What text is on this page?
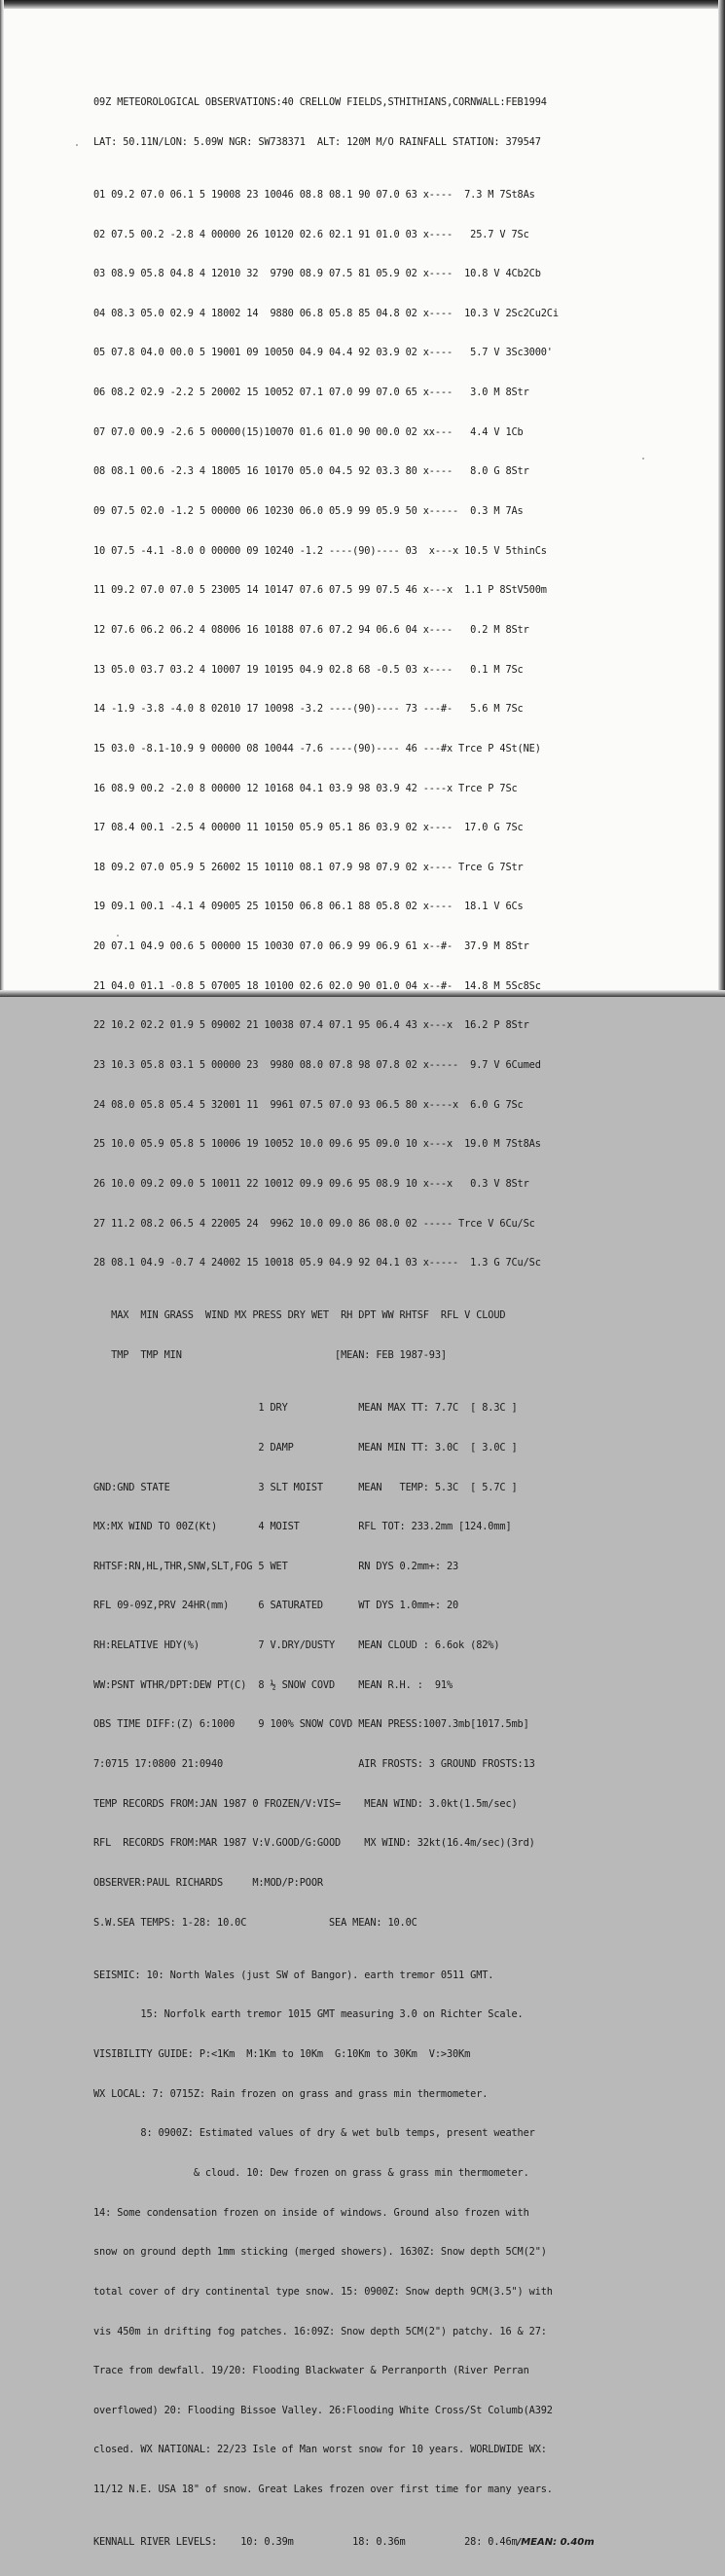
09Z METEOROLOGICAL OBSERVATIONS:40 CRELLOW FIELDS,STHITHIANS,CORNWALL:FEB1994

LAT: 50.11N/LON: 5.09W NGR: SW738371  ALT: 120M M/O RAINFALL STATION: 379547

01 09.2 07.0 06.1 5 19008 23 10046 08.8 08.1 90 07.0 63 x----  7.3 M 7St8As

02 07.5 00.2 -2.8 4 00000 26 10120 02.6 02.1 91 01.0 03 x----   25.7 V 7Sc

03 08.9 05.8 04.8 4 12010 32  9790 08.9 07.5 81 05.9 02 x----  10.8 V 4Cb2Cb

04 08.3 05.0 02.9 4 18002 14  9880 06.8 05.8 85 04.8 02 x----  10.3 V 2Sc2Cu2Ci

05 07.8 04.0 00.0 5 19001 09 10050 04.9 04.4 92 03.9 02 x----   5.7 V 3Sc3000'

06 08.2 02.9 -2.2 5 20002 15 10052 07.1 07.0 99 07.0 65 x----   3.0 M 8Str

07 07.0 00.9 -2.6 5 00000(15)10070 01.6 01.0 90 00.0 02 xx---   4.4 V 1Cb

08 08.1 00.6 -2.3 4 18005 16 10170 05.0 04.5 92 03.3 80 x----   8.0 G 8Str

09 07.5 02.0 -1.2 5 00000 06 10230 06.0 05.9 99 05.9 50 x-----  0.3 M 7As

10 07.5 -4.1 -8.0 0 00000 09 10240 -1.2 ----(90)---- 03  x---x 10.5 V 5thinCs

11 09.2 07.0 07.0 5 23005 14 10147 07.6 07.5 99 07.5 46 x---x  1.1 P 8StV500m

12 07.6 06.2 06.2 4 08006 16 10188 07.6 07.2 94 06.6 04 x----   0.2 M 8Str

13 05.0 03.7 03.2 4 10007 19 10195 04.9 02.8 68 -0.5 03 x----   0.1 M 7Sc

14 -1.9 -3.8 -4.0 8 02010 17 10098 -3.2 ----(90)---- 73 ---#-   5.6 M 7Sc

15 03.0 -8.1-10.9 9 00000 08 10044 -7.6 ----(90)---- 46 ---#x Trce P 4St(NE)

16 08.9 00.2 -2.0 8 00000 12 10168 04.1 03.9 98 03.9 42 ----x Trce P 7Sc

17 08.4 00.1 -2.5 4 00000 11 10150 05.9 05.1 86 03.9 02 x----  17.0 G 7Sc

18 09.2 07.0 05.9 5 26002 15 10110 08.1 07.9 98 07.9 02 x---- Trce G 7Str

19 09.1 00.1 -4.1 4 09005 25 10150 06.8 06.1 88 05.8 02 x----  18.1 V 6Cs

20 07.1 04.9 00.6 5 00000 15 10030 07.0 06.9 99 06.9 61 x--#-  37.9 M 8Str

21 04.0 01.1 -0.8 5 07005 18 10100 02.6 02.0 90 01.0 04 x--#-  14.8 M 5Sc8Sc

22 10.2 02.2 01.9 5 09002 21 10038 07.4 07.1 95 06.4 43 x---x  16.2 P 8Str

23 10.3 05.8 03.1 5 00000 23  9980 08.0 07.8 98 07.8 02 x-----  9.7 V 6Cumed

24 08.0 05.8 05.4 5 32001 11  9961 07.5 07.0 93 06.5 80 x----x  6.0 G 7Sc

25 10.0 05.9 05.8 5 10006 19 10052 10.0 09.6 95 09.0 10 x---x  19.0 M 7St8As

26 10.0 09.2 09.0 5 10011 22 10012 09.9 09.6 95 08.9 10 x---x   0.3 V 8Str

27 11.2 08.2 06.5 4 22005 24  9962 10.0 09.0 86 08.0 02 ----- Trce V 6Cu/Sc

28 08.1 04.9 -0.7 4 24002 15 10018 05.9 04.9 92 04.1 03 x-----  1.3 G 7Cu/Sc

MAX  MIN GRASS  WIND MX PRESS DRY WET  RH DPT WW RHTSF  RFL V CLOUD

TMP  TMP MIN                          [MEAN: FEB 1987-93]

1 DRY            MEAN MAX TT: 7.7C  [ 8.3C ]

2 DAMP           MEAN MIN TT: 3.0C  [ 3.0C ]

GND:GND STATE               3 SLT MOIST      MEAN   TEMP: 5.3C  [ 5.7C ]

MX:MX WIND TO 00Z(Kt)       4 MOIST          RFL TOT: 233.2mm [124.0mm]

RHTSF:RN,HL,THR,SNW,SLT,FOG 5 WET            RN DYS 0.2mm+: 23

RFL 09-09Z,PRV 24HR(mm)     6 SATURATED      WT DYS 1.0mm+: 20

RH:RELATIVE HDY(%)          7 V.DRY/DUSTY    MEAN CLOUD : 6.6ok (82%)

WW:PSNT WTHR/DPT:DEW PT(C)  8 ½ SNOW COVD    MEAN R.H. :  91%

OBS TIME DIFF:(Z) 6:1000    9 100% SNOW COVD MEAN PRESS:1007.3mb[1017.5mb]

7:0715 17:0800 21:0940                       AIR FROSTS: 3 GROUND FROSTS:13

TEMP RECORDS FROM:JAN 1987 0 FROZEN/V:VIS=    MEAN WIND: 3.0kt(1.5m/sec)

RFL  RECORDS FROM:MAR 1987 V:V.GOOD/G:GOOD    MX WIND: 32kt(16.4m/sec)(3rd)

OBSERVER:PAUL RICHARDS     M:MOD/P:POOR

S.W.SEA TEMPS: 1-28: 10.0C              SEA MEAN: 10.0C

SEISMIC: 10: North Wales (just SW of Bangor). earth tremor 0511 GMT.

15: Norfolk earth tremor 1015 GMT measuring 3.0 on Richter Scale.

VISIBILITY GUIDE: P:<1Km  M:1Km to 10Km  G:10Km to 30Km  V:>30Km

WX LOCAL: 7: 0715Z: Rain frozen on grass and grass min thermometer.

8: 0900Z: Estimated values of dry & wet bulb temps, present weather

& cloud. 10: Dew frozen on grass & grass min thermometer.

14: Some condensation frozen on inside of windows. Ground also frozen with

snow on ground depth 1mm sticking (merged showers). 1630Z: Snow depth 5CM(2")

total cover of dry continental type snow. 15: 0900Z: Snow depth 9CM(3.5") with

vis 450m in drifting fog patches. 16:09Z: Snow depth 5CM(2") patchy. 16 & 27:

Trace from dewfall. 19/20: Flooding Blackwater & Perranporth (River Perran

overflowed) 20: Flooding Bissoe Valley. 26:Flooding White Cross/St Columb(A392

closed. WX NATIONAL: 22/23 Isle of Man worst snow for 10 years. WORLDWIDE WX:

11/12 N.E. USA 18" of snow. Great Lakes frozen over first time for many years.

KENNALL RIVER LEVELS:    10: 0.39m          18: 0.36m          28: 0.46m/MEAN: 0.40m
